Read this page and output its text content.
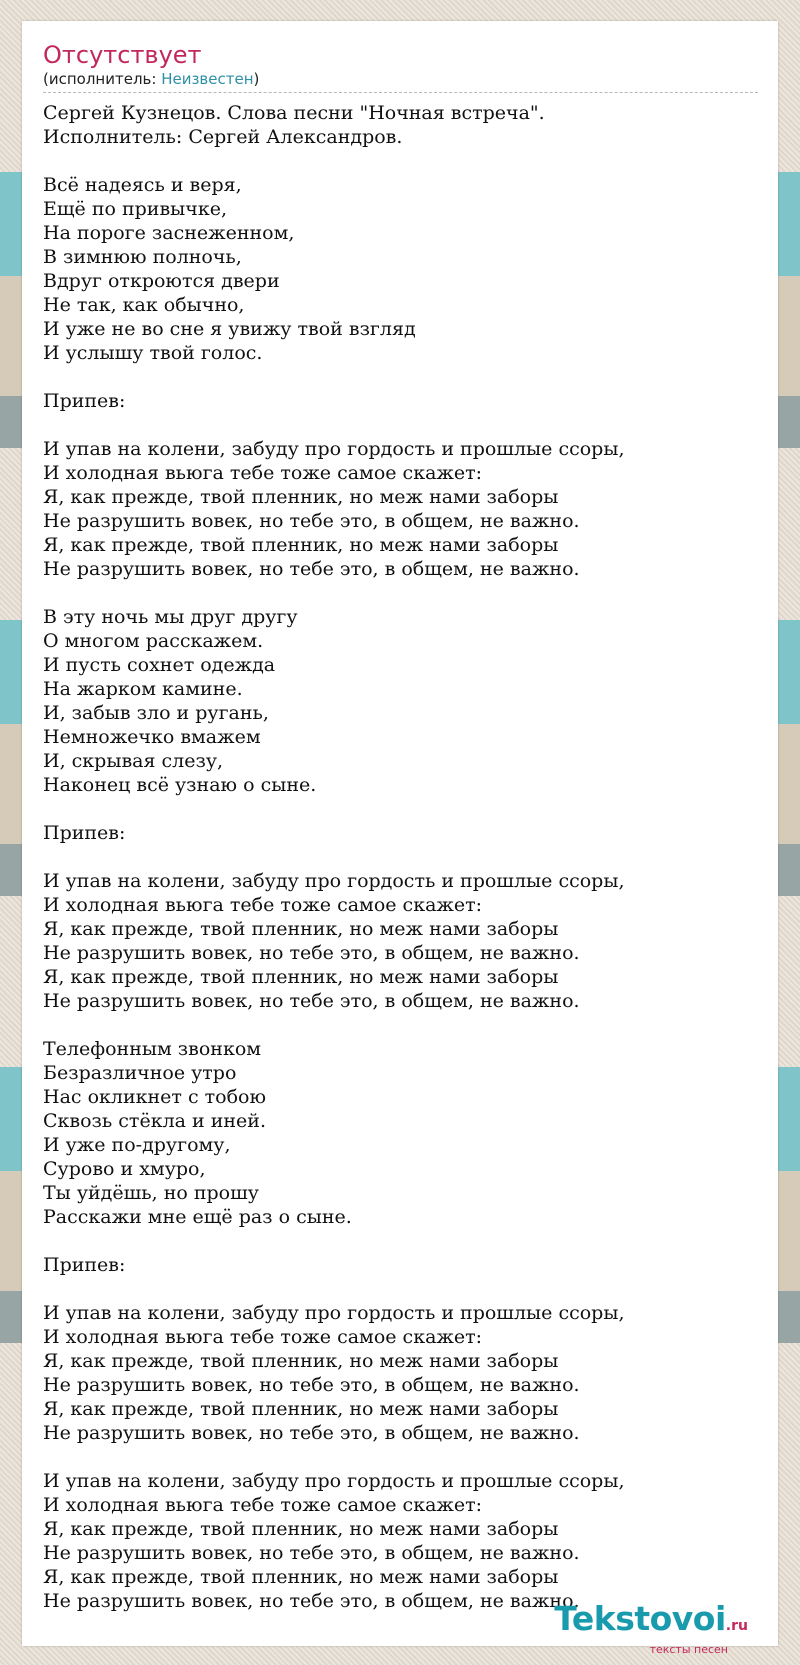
Отсутствует
(исполнитель: Неизвестен)
Сергей Кузнецов. Слова песни "Ночная встреча".
Исполнитель: Сергей Александров.

Всё надеясь и веря,
Ещё по привычке,
На пороге заснеженном,
В зимнюю полночь,
Вдруг откроются двери
Не так, как обычно,
И уже не во сне я увижу твой взгляд
И услышу твой голос.

Припев:

И упав на колени, забуду про гордость и прошлые ссоры,
И холодная вьюга тебе тоже самое скажет:
Я, как прежде, твой пленник, но меж нами заборы
Не разрушить вовек, но тебе это, в общем, не важно.
Я, как прежде, твой пленник, но меж нами заборы
Не разрушить вовек, но тебе это, в общем, не важно.

В эту ночь мы друг другу
О многом расскажем.
И пусть сохнет одежда
На жарком камине.
И, забыв зло и ругань,
Немножечко вмажем
И, скрывая слезу,
Наконец всё узнаю о сыне.

Припев:

И упав на колени, забуду про гордость и прошлые ссоры,
И холодная вьюга тебе тоже самое скажет:
Я, как прежде, твой пленник, но меж нами заборы
Не разрушить вовек, но тебе это, в общем, не важно.
Я, как прежде, твой пленник, но меж нами заборы
Не разрушить вовек, но тебе это, в общем, не важно.

Телефонным звонком
Безразличное утро
Нас окликнет с тобою
Сквозь стёкла и иней.
И уже по-другому,
Сурово и хмуро,
Ты уйдёшь, но прошу
Расскажи мне ещё раз о сыне.

Припев:

И упав на колени, забуду про гордость и прошлые ссоры,
И холодная вьюга тебе тоже самое скажет:
Я, как прежде, твой пленник, но меж нами заборы
Не разрушить вовек, но тебе это, в общем, не важно.
Я, как прежде, твой пленник, но меж нами заборы
Не разрушить вовек, но тебе это, в общем, не важно.

И упав на колени, забуду про гордость и прошлые ссоры,
И холодная вьюга тебе тоже самое скажет:
Я, как прежде, твой пленник, но меж нами заборы
Не разрушить вовек, но тебе это, в общем, не важно.
Я, как прежде, твой пленник, но меж нами заборы
Не разрушить вовек, но тебе это, в общем, не важно.
Tekstovoi.ru
тексты песен
